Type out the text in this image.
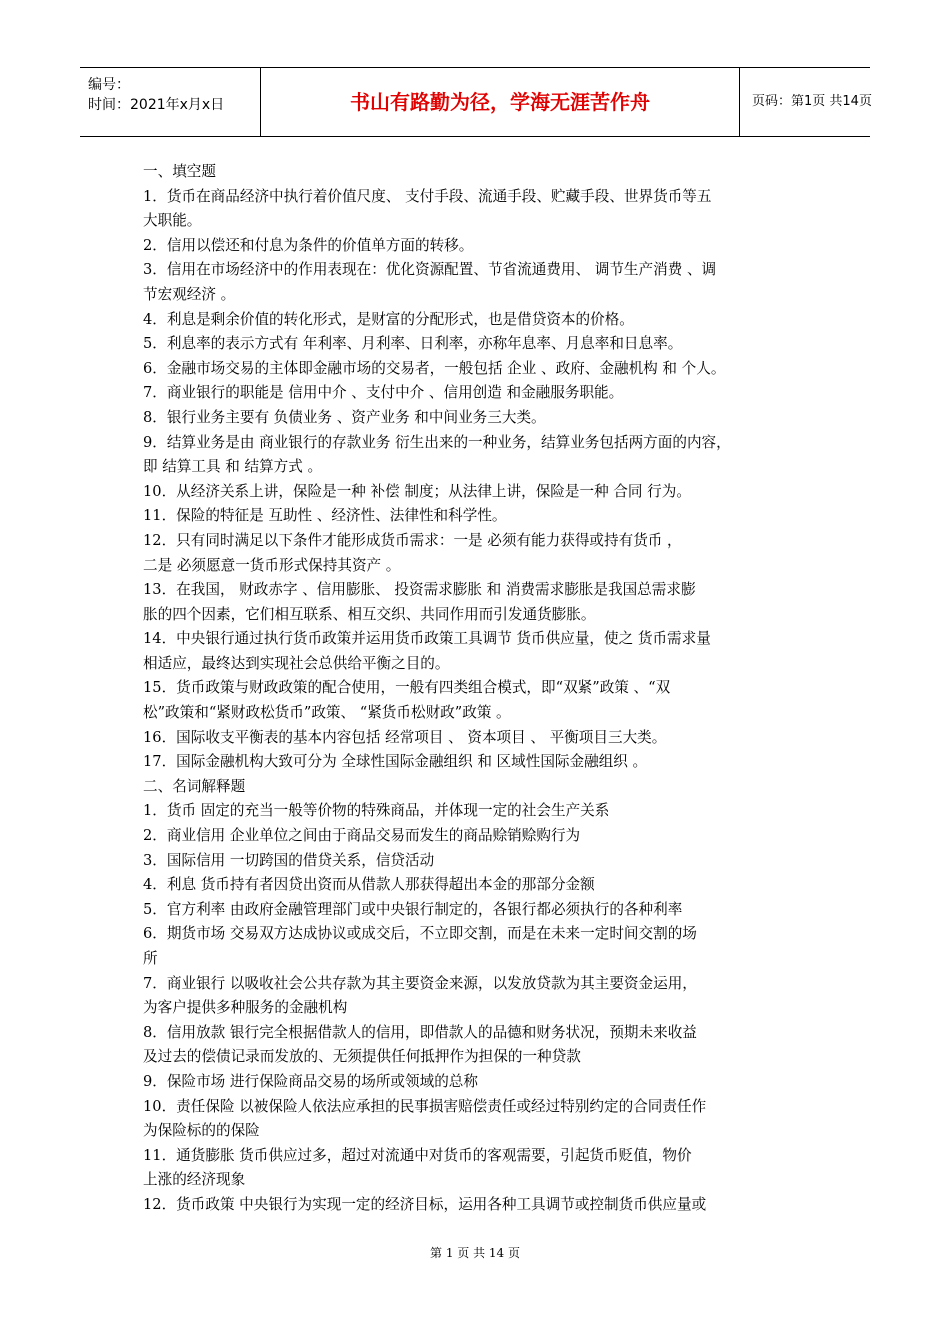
编号：
时间：2021年x月x日	书山有路勤为径，学海无涯苦作舟	页码：第1页 共14页

一、填空题

1．货币在商品经济中执行着价值尺度、 支付手段、流通手段、贮藏手段、世界货币等五

大职能。

2．信用以偿还和付息为条件的价值单方面的转移。

3．信用在市场经济中的作用表现在：优化资源配置、节省流通费用、 调节生产消费 、调

节宏观经济 。

4．利息是剩余价值的转化形式，是财富的分配形式，也是借贷资本的价格。

5．利息率的表示方式有 年利率、月利率、日利率，亦称年息率、月息率和日息率。

6．金融市场交易的主体即金融市场的交易者，一般包括 企业 、政府、金融机构 和 个人。

7．商业银行的职能是 信用中介 、支付中介 、信用创造 和金融服务职能。

8．银行业务主要有 负债业务 、资产业务 和中间业务三大类。

9．结算业务是由 商业银行的存款业务 衍生出来的一种业务，结算业务包括两方面的内容，

即 结算工具 和 结算方式 。

10．从经济关系上讲，保险是一种 补偿 制度；从法律上讲，保险是一种 合同 行为。

11．保险的特征是 互助性 、经济性、法律性和科学性。

12．只有同时满足以下条件才能形成货币需求：一是 必须有能力获得或持有货币 ，

二是 必须愿意一货币形式保持其资产 。

13．在我国， 财政赤字 、信用膨胀、 投资需求膨胀 和 消费需求膨胀是我国总需求膨

胀的四个因素，它们相互联系、相互交织、共同作用而引发通货膨胀。

14．中央银行通过执行货币政策并运用货币政策工具调节 货币供应量，使之 货币需求量

相适应，最终达到实现社会总供给平衡之目的。

15．货币政策与财政政策的配合使用，一般有四类组合模式，即“双紧”政策 、“双

松”政策和“紧财政松货币”政策、 “紧货币松财政”政策 。

16．国际收支平衡表的基本内容包括 经常项目 、 资本项目 、 平衡项目三大类。

17．国际金融机构大致可分为 全球性国际金融组织 和 区域性国际金融组织 。

二、名词解释题

1．货币 固定的充当一般等价物的特殊商品，并体现一定的社会生产关系

2．商业信用 企业单位之间由于商品交易而发生的商品赊销赊购行为

3．国际信用 一切跨国的借贷关系，信贷活动

4．利息 货币持有者因贷出资而从借款人那获得超出本金的那部分金额

5．官方利率 由政府金融管理部门或中央银行制定的，各银行都必须执行的各种利率

6．期货市场 交易双方达成协议或成交后，不立即交割，而是在未来一定时间交割的场

所

7．商业银行 以吸收社会公共存款为其主要资金来源，以发放贷款为其主要资金运用，

为客户提供多种服务的金融机构

8．信用放款 银行完全根据借款人的信用，即借款人的品德和财务状况，预期未来收益

及过去的偿债记录而发放的、无须提供任何抵押作为担保的一种贷款

9．保险市场 进行保险商品交易的场所或领域的总称

10．责任保险 以被保险人依法应承担的民事损害赔偿责任或经过特别约定的合同责任作

为保险标的的保险

11．通货膨胀 货币供应过多，超过对流通中对货币的客观需要，引起货币贬值，物价

上涨的经济现象

12．货币政策 中央银行为实现一定的经济目标，运用各种工具调节或控制货币供应量或

第 1 页 共 14 页
